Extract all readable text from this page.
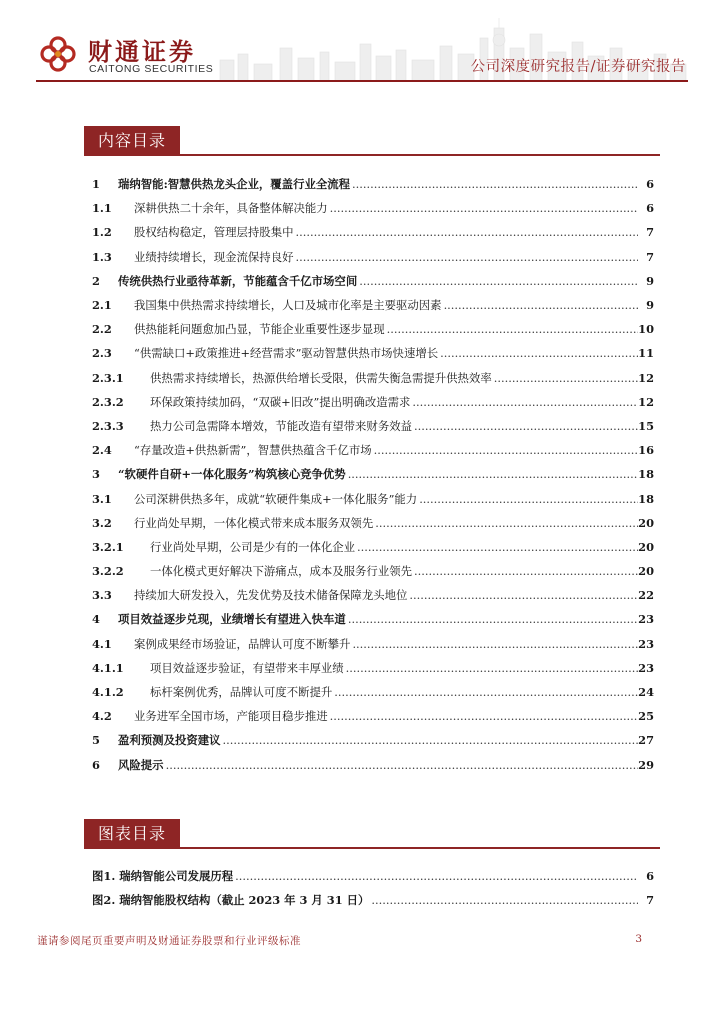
财通证券
CAITONG SECURITIES	公司深度研究报告/证券研究报告
内容目录
1 瑞纳智能:智慧供热龙头企业，覆盖行业全流程 .....	6
1.1 深耕供热二十余年，具备整体解决能力 .....	6
1.2 股权结构稳定，管理层持股集中 .....	7
1.3 业绩持续增长，现金流保持良好 .....	7
2 传统供热行业亟待革新，节能蕴含千亿市场空间 .....	9
2.1 我国集中供热需求持续增长，人口及城市化率是主要驱动因素 .....	9
2.2 供热能耗问题愈加凸显，节能企业重要性逐步显现 .....	10
2.3 “供需缺口+政策推进+经营需求”驱动智慧供热市场快速增长 .....	11
2.3.1 供热需求持续增长，热源供给增长受限，供需失衡急需提升供热效率 .....	12
2.3.2 环保政策持续加码，“双碳+旧改”提出明确改造需求 .....	12
2.3.3 热力公司急需降本增效，节能改造有望带来财务效益 .....	15
2.4 “存量改造+供热新需”，智慧供热蕴含千亿市场 .....	16
3 “软硬件自研+一体化服务”构筑核心竞争优势 .....	18
3.1 公司深耕供热多年，成就“软硬件集成+一体化服务”能力 .....	18
3.2 行业尚处早期，一体化模式带来成本服务双领先 .....	20
3.2.1 行业尚处早期，公司是少有的一体化企业 .....	20
3.2.2 一体化模式更好解决下游痛点，成本及服务行业领先 .....	20
3.3 持续加大研发投入，先发优势及技术储备保障龙头地位 .....	22
4 项目效益逐步兑现，业绩增长有望进入快车道 .....	23
4.1 案例成果经市场验证，品牌认可度不断攀升 .....	23
4.1.1 项目效益逐步验证，有望带来丰厚业绩 .....	23
4.1.2 标杆案例优秀，品牌认可度不断提升 .....	24
4.2 业务进军全国市场，产能项目稳步推进 .....	25
5 盈利预测及投资建议 .....	27
6 风险提示 .....	29
图表目录
图1. 瑞纳智能公司发展历程 .....	6
图2. 瑞纳智能股权结构（截止 2023 年 3 月 31 日） .....	7
谨请参阅尾页重要声明及财通证券股票和行业评级标准	3
